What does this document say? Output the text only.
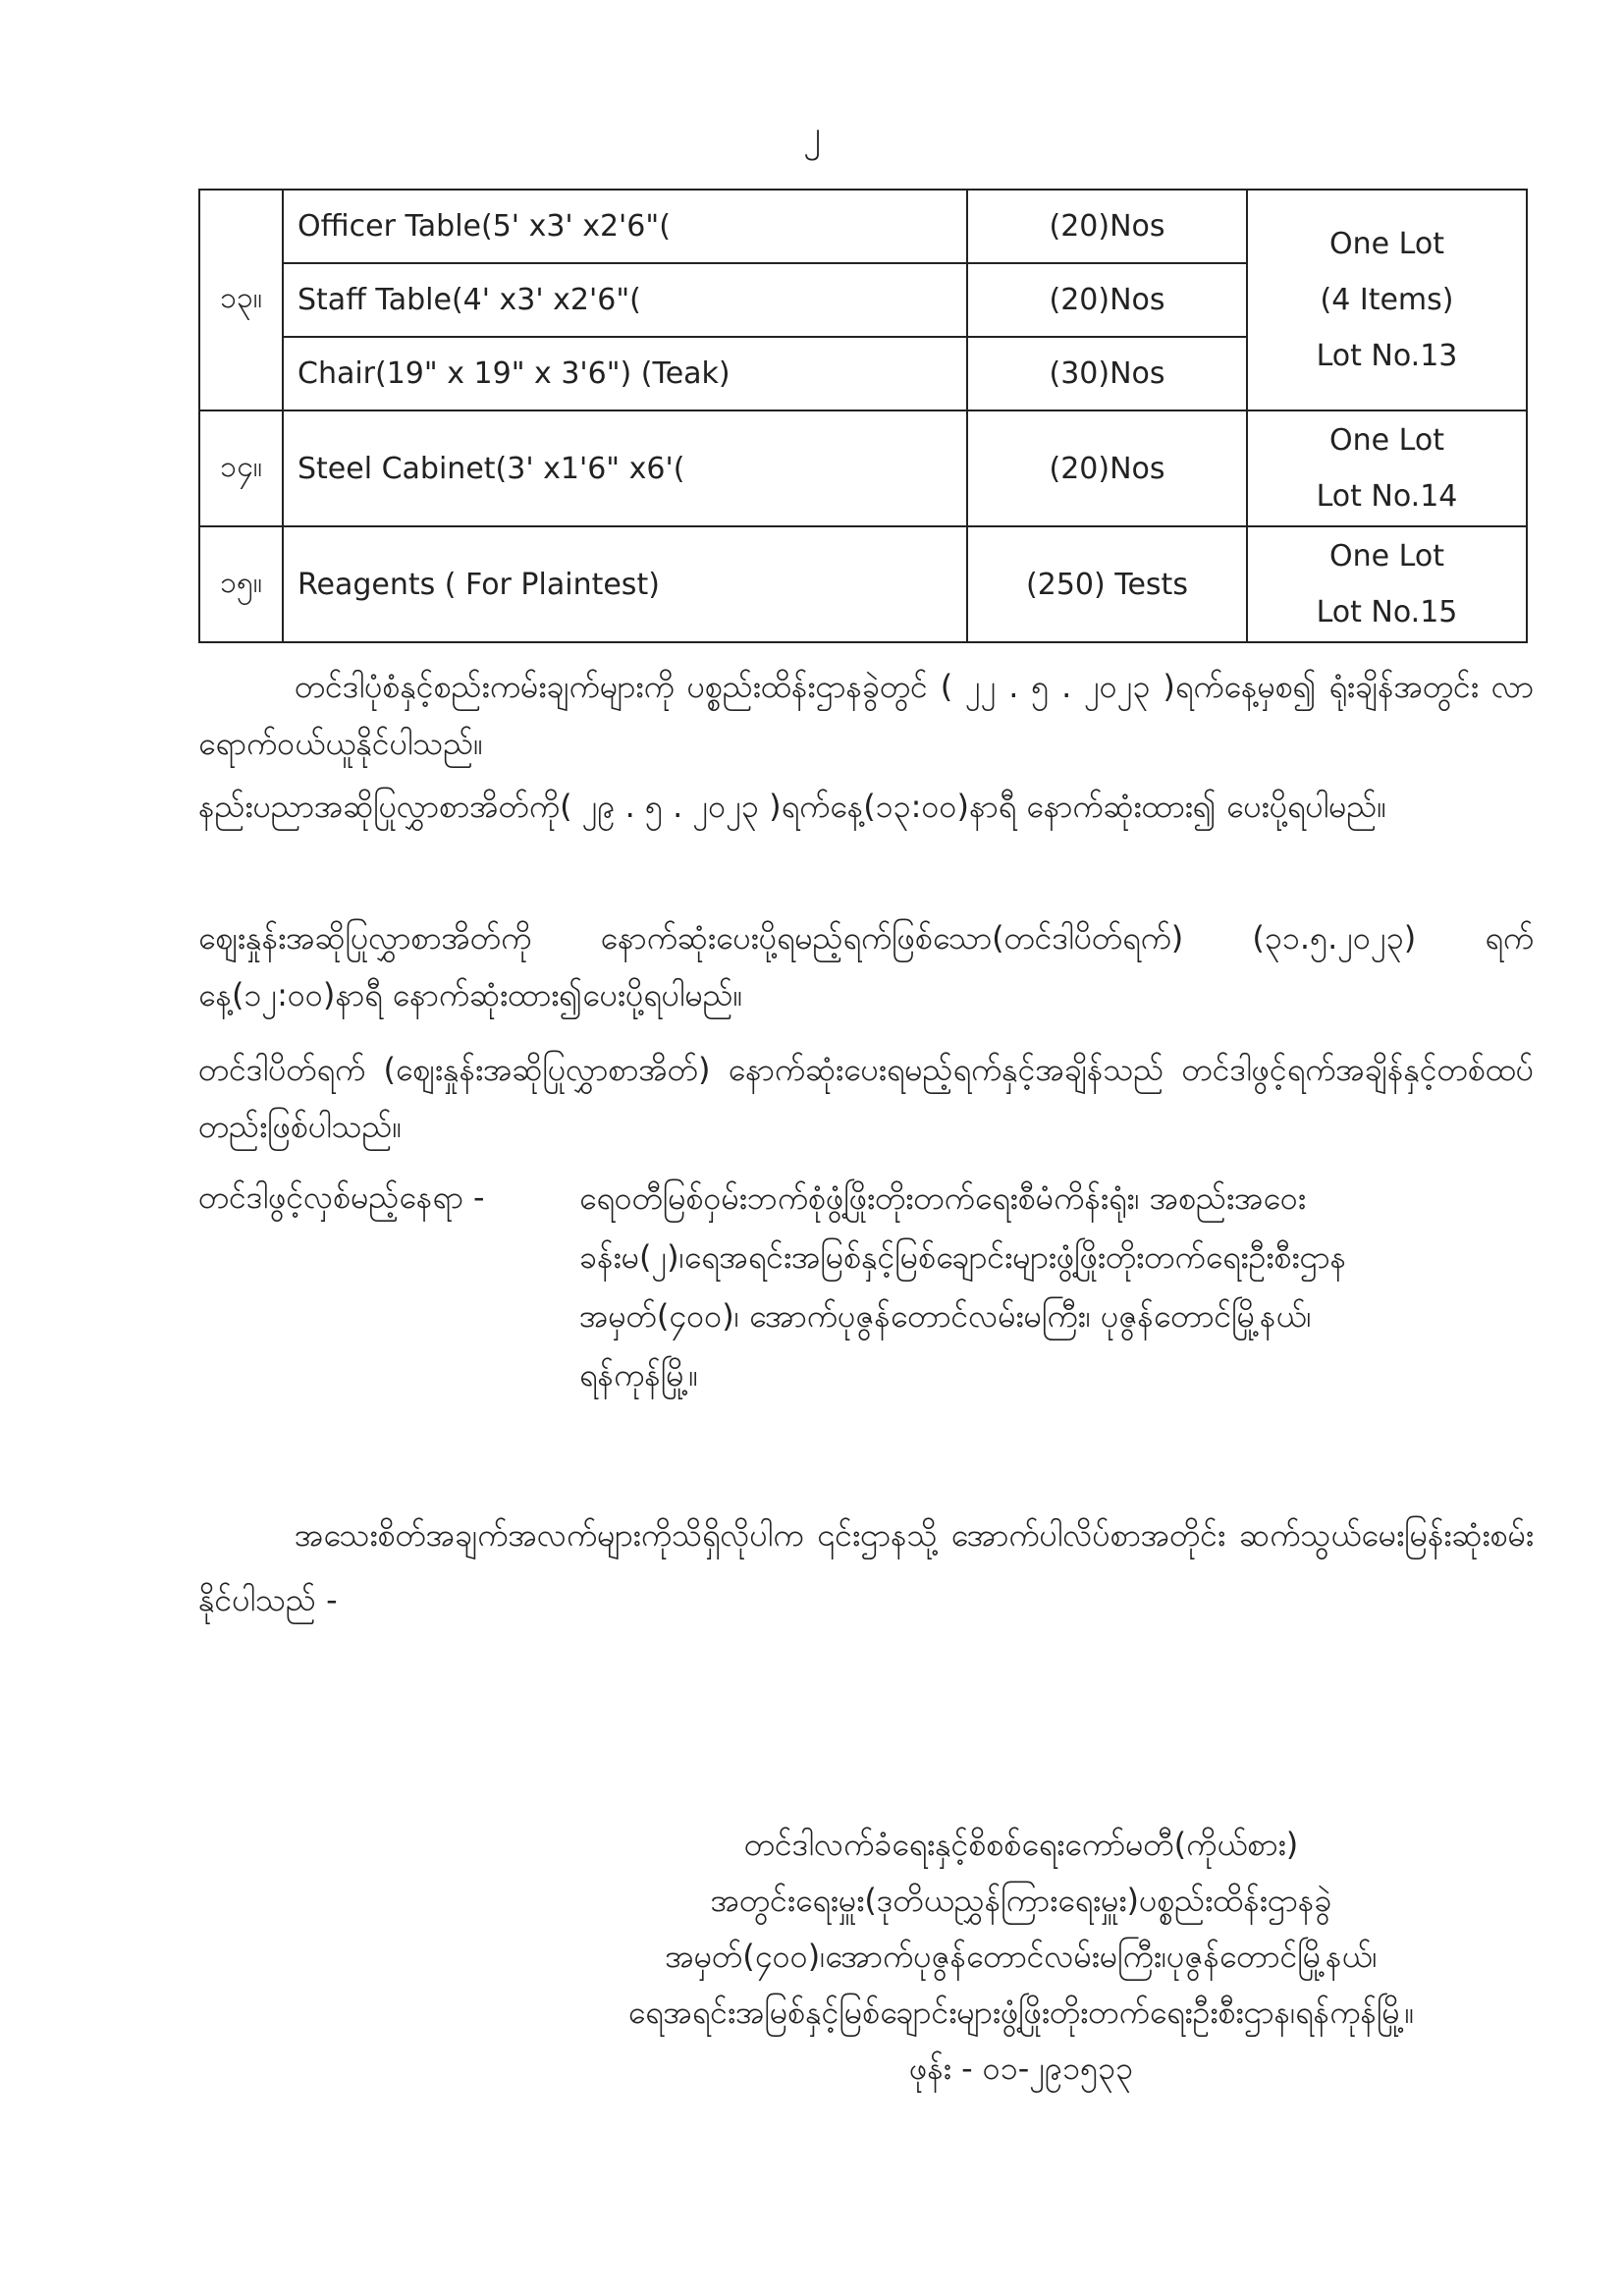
၂
၁၃။	Officer Table(5' x3' x2'6"(	(20)Nos	One Lot
(4 Items)
Lot No.13

	Staff Table(4' x3' x2'6"(	(20)Nos	
	Chair(19" x 19" x 3'6") (Teak)	(30)Nos	
၁၄။	Steel Cabinet(3' x1'6" x6'(	(20)Nos	One Lot
Lot No.14

၁၅။	Reagents ( For Plaintest)	(250) Tests	One Lot
Lot No.15

တင်ဒါပုံစံနှင့်စည်းကမ်းချက်များကို ပစ္စည်းထိန်းဌာနခွဲတွင် ( ၂၂ . ၅ . ၂၀၂၃ )ရက်နေ့မှစ၍ ရုံးချိန်အတွင်း လာရောက်ဝယ်ယူနိုင်ပါသည်။

နည်းပညာအဆိုပြုလွှာစာအိတ်ကို( ၂၉ . ၅ . ၂၀၂၃ )ရက်နေ့(၁၃:၀၀)နာရီ နောက်ဆုံးထား၍ ပေးပို့ရပါမည်။

ဈေးနှုန်းအဆိုပြုလွှာစာအိတ်ကို နောက်ဆုံးပေးပို့ရမည့်ရက်ဖြစ်သော(တင်ဒါပိတ်ရက်) (၃၁.၅.၂၀၂၃) ရက်နေ့(၁၂:၀၀)နာရီ နောက်ဆုံးထား၍ပေးပို့ရပါမည်။

တင်ဒါပိတ်ရက် (ဈေးနှုန်းအဆိုပြုလွှာစာအိတ်) နောက်ဆုံးပေးရမည့်ရက်နှင့်အချိန်သည် တင်ဒါဖွင့်ရက်အချိန်နှင့်တစ်ထပ်တည်းဖြစ်ပါသည်။

တင်ဒါဖွင့်လှစ်မည့်နေရာ -	ရေဝတီမြစ်ဝှမ်းဘက်စုံဖွံ့ဖြိုးတိုးတက်ရေးစီမံကိန်းရုံး၊ အစည်းအဝေး
ခန်းမ(၂)၊ရေအရင်းအမြစ်နှင့်မြစ်ချောင်းများဖွံ့ဖြိုးတိုးတက်ရေးဦးစီးဌာန
အမှတ်(၄၀၀)၊ အောက်ပုဇွန်တောင်လမ်းမကြီး၊ ပုဇွန်တောင်မြို့နယ်၊
ရန်ကုန်မြို့။

အသေးစိတ်အချက်အလက်များကိုသိရှိလိုပါက ၎င်းဌာနသို့ အောက်ပါလိပ်စာအတိုင်း ဆက်သွယ်မေးမြန်းဆုံးစမ်းနိုင်ပါသည် -

တင်ဒါလက်ခံရေးနှင့်စိစစ်ရေးကော်မတီ(ကိုယ်စား)
အတွင်းရေးမှူး(ဒုတိယညွှန်ကြားရေးမှူး)ပစ္စည်းထိန်းဌာနခွဲ
အမှတ်(၄၀၀)၊အောက်ပုဇွန်တောင်လမ်းမကြီး၊ပုဇွန်တောင်မြို့နယ်၊
ရေအရင်းအမြစ်နှင့်မြစ်ချောင်းများဖွံ့ဖြိုးတိုးတက်ရေးဦးစီးဌာန၊ရန်ကုန်မြို့။
ဖုန်း - ၀၁-၂၉၁၅၃၃
